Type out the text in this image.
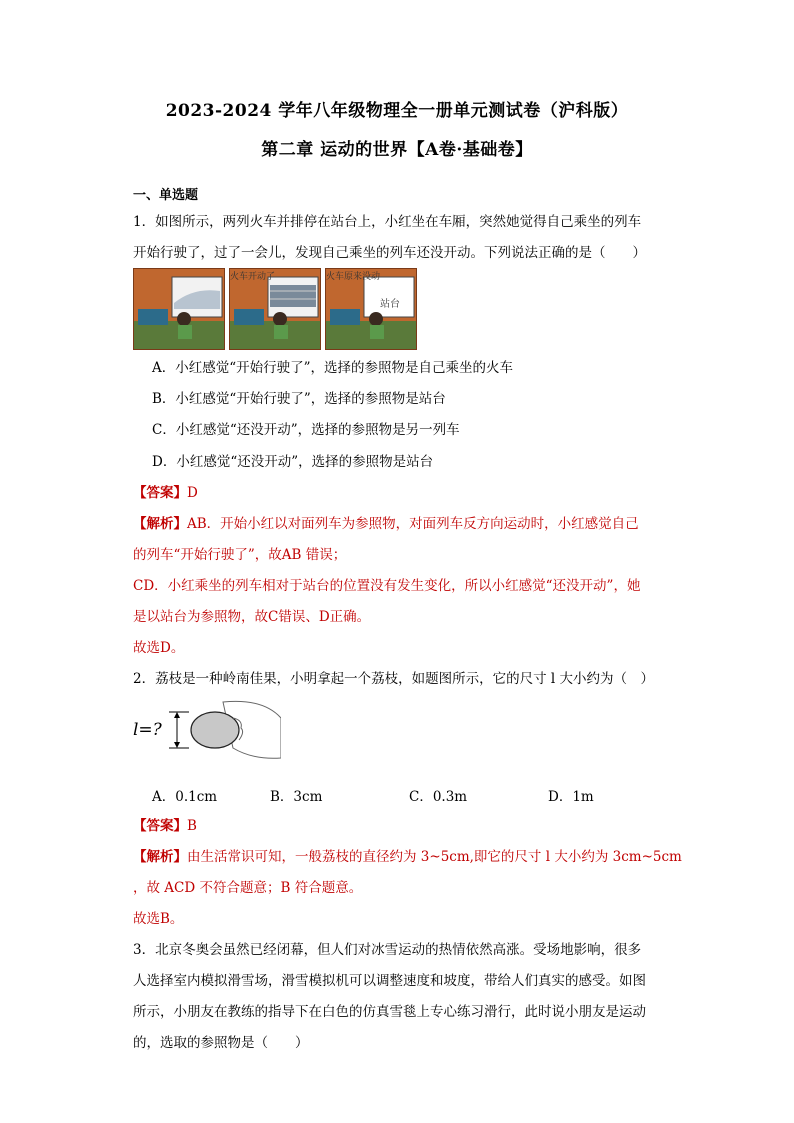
2023-2024 学年八年级物理全一册单元测试卷（沪科版）
第二章 运动的世界【A卷·基础卷】
一、单选题
1．如图所示，两列火车并排停在站台上，小红坐在车厢，突然她觉得自己乘坐的列车
开始行驶了，过了一会儿，发现自己乘坐的列车还没开动。下列说法正确的是（　　）
火车开动了	火车原来没动
站台
A．小红感觉“开始行驶了”，选择的参照物是自己乘坐的火车
B．小红感觉“开始行驶了”，选择的参照物是站台
C．小红感觉“还没开动”，选择的参照物是另一列车
D．小红感觉“还没开动”，选择的参照物是站台
【答案】D
【解析】AB．开始小红以对面列车为参照物，对面列车反方向运动时，小红感觉自己
的列车“开始行驶了”，故AB 错误；
CD．小红乘坐的列车相对于站台的位置没有发生变化，所以小红感觉“还没开动”，她
是以站台为参照物，故C错误、D正确。
故选D。
2．荔枝是一种岭南佳果，小明拿起一个荔枝，如题图所示，它的尺寸 l 大小约为（　）
l=?
A．0.1cm	B．3cm	C．0.3m	D．1m
【答案】B
【解析】由生活常识可知，一般荔枝的直径约为 3~5cm,即它的尺寸 l 大小约为 3cm~5cm
，故 ACD 不符合题意；B 符合题意。
故选B。
3．北京冬奥会虽然已经闭幕，但人们对冰雪运动的热情依然高涨。受场地影响，很多
人选择室内模拟滑雪场，滑雪模拟机可以调整速度和坡度，带给人们真实的感受。如图
所示，小朋友在教练的指导下在白色的仿真雪毯上专心练习滑行，此时说小朋友是运动
的，选取的参照物是（　　）
